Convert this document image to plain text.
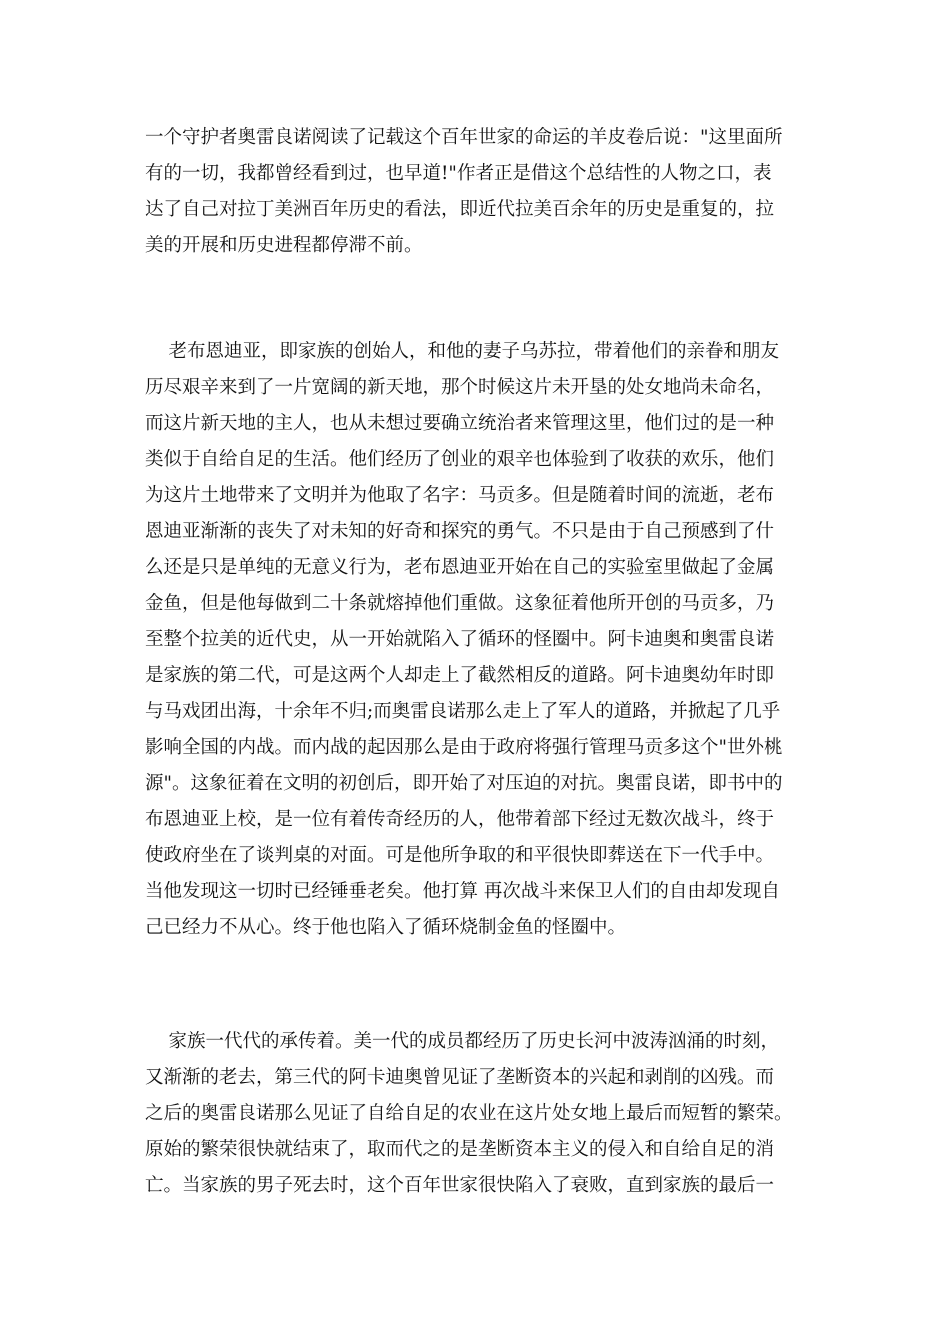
一个守护者奥雷良诺阅读了记载这个百年世家的命运的羊皮卷后说："这里面所
有的一切，我都曾经看到过，也早道!"作者正是借这个总结性的人物之口，表
达了自己对拉丁美洲百年历史的看法，即近代拉美百余年的历史是重复的，拉
美的开展和历史进程都停滞不前。
老布恩迪亚，即家族的创始人，和他的妻子乌苏拉，带着他们的亲眷和朋友
历尽艰辛来到了一片宽阔的新天地，那个时候这片未开垦的处女地尚未命名，
而这片新天地的主人，也从未想过要确立统治者来管理这里，他们过的是一种
类似于自给自足的生活。他们经历了创业的艰辛也体验到了收获的欢乐，他们
为这片土地带来了文明并为他取了名字：马贡多。但是随着时间的流逝，老布
恩迪亚渐渐的丧失了对未知的好奇和探究的勇气。不只是由于自己预感到了什
么还是只是单纯的无意义行为，老布恩迪亚开始在自己的实验室里做起了金属
金鱼，但是他每做到二十条就熔掉他们重做。这象征着他所开创的马贡多，乃
至整个拉美的近代史，从一开始就陷入了循环的怪圈中。阿卡迪奥和奥雷良诺
是家族的第二代，可是这两个人却走上了截然相反的道路。阿卡迪奥幼年时即
与马戏团出海，十余年不归;而奥雷良诺那么走上了军人的道路，并掀起了几乎
影响全国的内战。而内战的起因那么是由于政府将强行管理马贡多这个"世外桃
源"。这象征着在文明的初创后，即开始了对压迫的对抗。奥雷良诺，即书中的
布恩迪亚上校，是一位有着传奇经历的人，他带着部下经过无数次战斗，终于
使政府坐在了谈判桌的对面。可是他所争取的和平很快即葬送在下一代手中。
当他发现这一切时已经锤垂老矣。他打算 再次战斗来保卫人们的自由却发现自
己已经力不从心。终于他也陷入了循环烧制金鱼的怪圈中。
家族一代代的承传着。美一代的成员都经历了历史长河中波涛汹涌的时刻，
又渐渐的老去，第三代的阿卡迪奥曾见证了垄断资本的兴起和剥削的凶残。而
之后的奥雷良诺那么见证了自给自足的农业在这片处女地上最后而短暂的繁荣。
原始的繁荣很快就结束了，取而代之的是垄断资本主义的侵入和自给自足的消
亡。当家族的男子死去时，这个百年世家很快陷入了衰败，直到家族的最后一
